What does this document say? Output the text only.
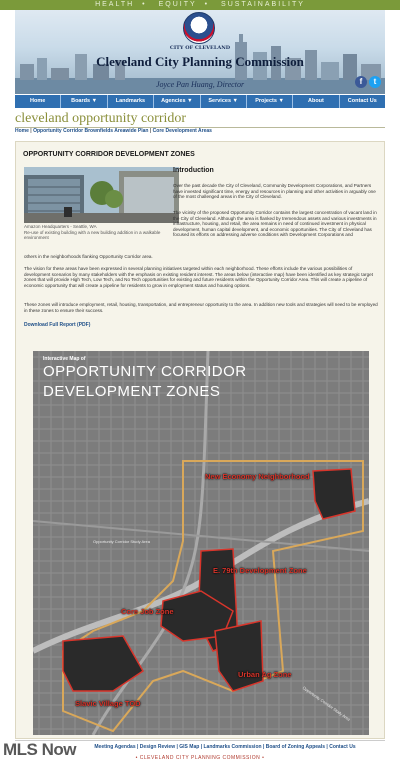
HEALTH • EQUITY • SUSTAINABILITY
CITY OF CLEVELAND
Cleveland City Planning Commission
Joyce Pan Huang, Director	f	t
Home	Boards ▼	Landmarks	Agencies ▼	Services ▼	Projects ▼	About	Contact Us
cleveland opportunity corridor
Home | Opportunity Corridor Brownfields Areawide Plan | Core Development Areas
OPPORTUNITY CORRIDOR DEVELOPMENT ZONES
Amazon Headquarters - Seattle, WA
Re-use of existing building with a new building addition in a walkable environment
Introduction
Over the past decade the City of Cleveland, Community Development Corporations, and Partners have invested significant time, energy and resources in planning and other activities in arguably one of the most challenged areas in the City of Cleveland.
The vicinity of the proposed Opportunity Corridor contains the largest concentration of vacant land in the City of Cleveland. Although the area is flanked by tremendous assets and various investments in infrastructure, housing, and retail, the area remains in need of continued investment in physical development, human capital development, and economic opportunities. The City of Cleveland has focused its efforts on addressing adverse conditions with Development Corporations and
others in the neighborhoods flanking Opportunity Corridor area.
The vision for these areas have been expressed in several planning initiatives targeted within each neighborhood. These efforts include the various possibilities of development scenarios by many stakeholders with the emphasis on existing resident interest. The areas below (interactive map) have been identified as key strategic target zones that will provide High Tech, Low Tech, and No Tech opportunities for existing and future residents within the Opportunity Corridor Area. This will create a pipeline of economic opportunity that will create a pipeline for residents to grow in employment status and housing options.
These zones will introduce employment, retail, housing, transportation, and entrepreneur opportunity to the area. In addition new tools and strategies will need to be employed in these zones to ensure their success.
Download Full Report (PDF)
Interactive Map of
OPPORTUNITY CORRIDOR
DEVELOPMENT ZONES
Opportunity Corridor Study Area
Opportunity Corridor Study Area
New Economy Neighborhood
E. 79th Development Zone
Core Job Zone
Urban Ag Zone
Slavic Village TOD
Meeting Agendas | Design Review | GIS Map | Landmarks Commission | Board of Zoning Appeals | Contact Us
• CLEVELAND CITY PLANNING COMMISSION •
MLS Now
